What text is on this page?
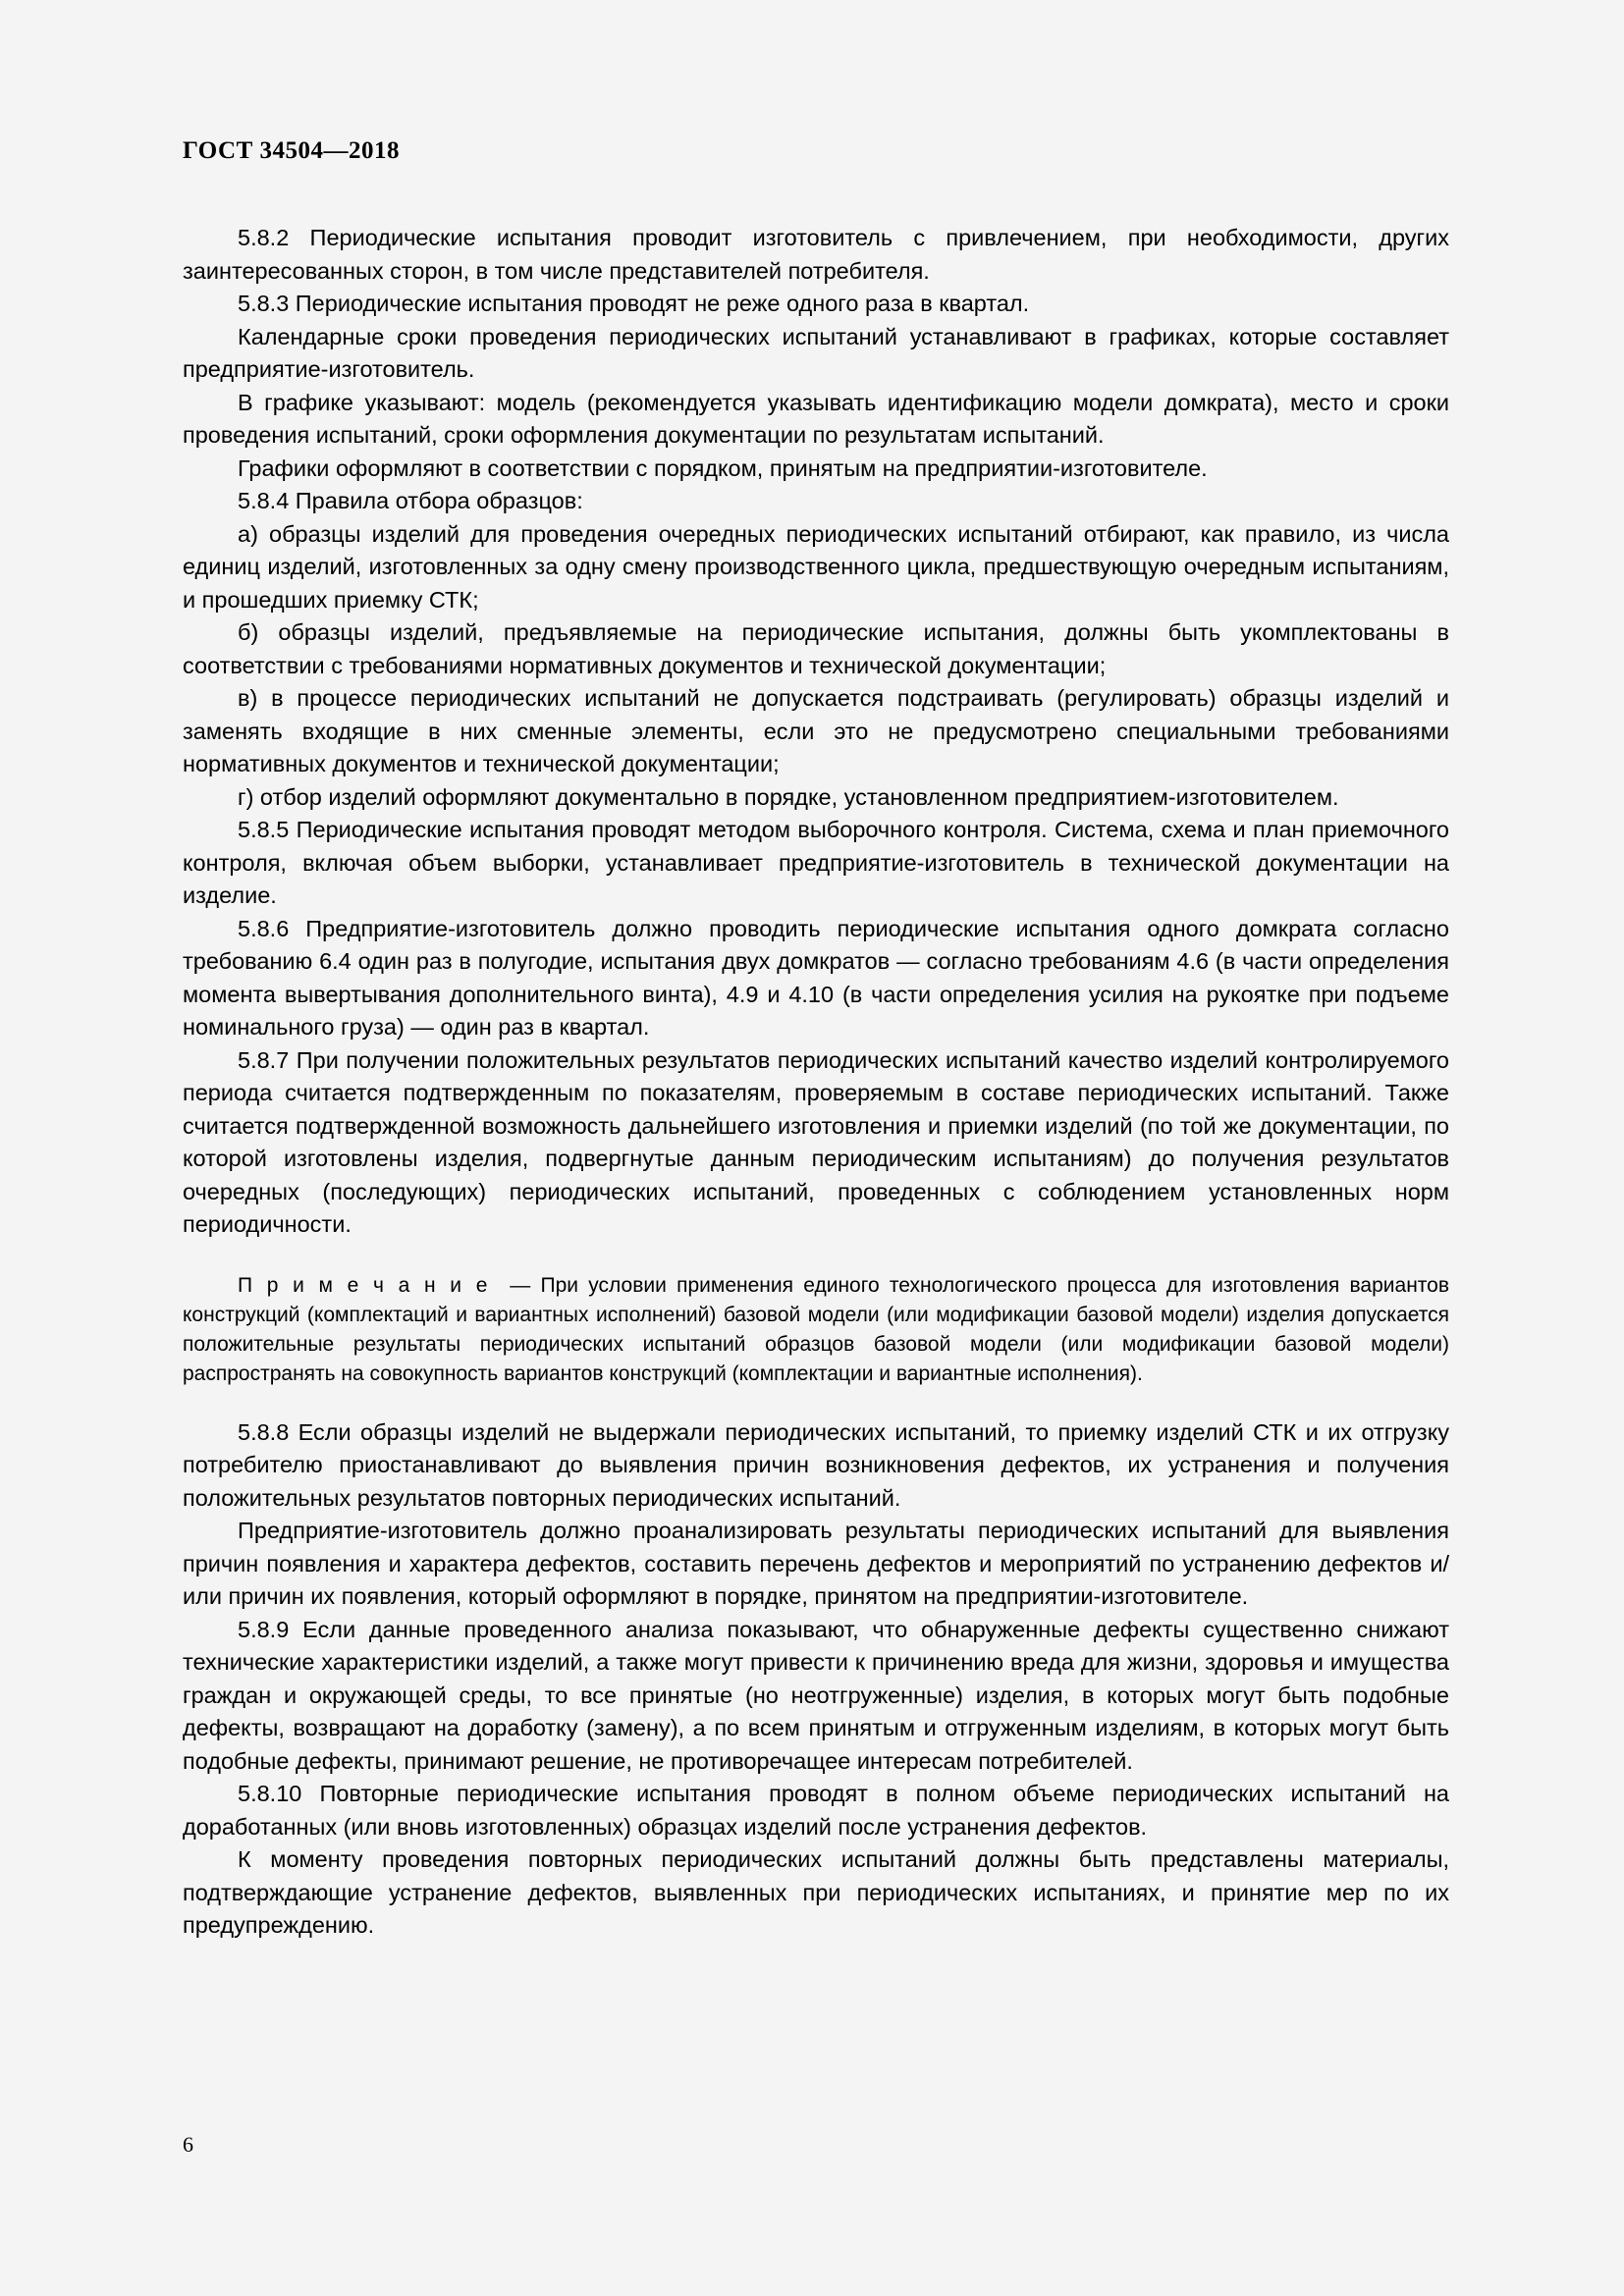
ГОСТ 34504—2018

5.8.2 Периодические испытания проводит изготовитель с привлечением, при необходимости, других заинтересованных сторон, в том числе представителей потребителя.

5.8.3 Периодические испытания проводят не реже одного раза в квартал.

Календарные сроки проведения периодических испытаний устанавливают в графиках, которые составляет предприятие-изготовитель.

В графике указывают: модель (рекомендуется указывать идентификацию модели домкрата), место и сроки проведения испытаний, сроки оформления документации по результатам испытаний.

Графики оформляют в соответствии с порядком, принятым на предприятии-изготовителе.

5.8.4 Правила отбора образцов:

а) образцы изделий для проведения очередных периодических испытаний отбирают, как правило, из числа единиц изделий, изготовленных за одну смену производственного цикла, предшествующую очередным испытаниям, и прошедших приемку СТК;

б) образцы изделий, предъявляемые на периодические испытания, должны быть укомплектованы в соответствии с требованиями нормативных документов и технической документации;

в) в процессе периодических испытаний не допускается подстраивать (регулировать) образцы изделий и заменять входящие в них сменные элементы, если это не предусмотрено специальными требованиями нормативных документов и технической документации;

г) отбор изделий оформляют документально в порядке, установленном предприятием-изготовителем.

5.8.5 Периодические испытания проводят методом выборочного контроля. Система, схема и план приемочного контроля, включая объем выборки, устанавливает предприятие-изготовитель в технической документации на изделие.

5.8.6 Предприятие-изготовитель должно проводить периодические испытания одного домкрата согласно требованию 6.4 один раз в полугодие, испытания двух домкратов — согласно требованиям 4.6 (в части определения момента вывертывания дополнительного винта), 4.9 и 4.10 (в части определения усилия на рукоятке при подъеме номинального груза) — один раз в квартал.

5.8.7 При получении положительных результатов периодических испытаний качество изделий контролируемого периода считается подтвержденным по показателям, проверяемым в составе периодических испытаний. Также считается подтвержденной возможность дальнейшего изготовления и приемки изделий (по той же документации, по которой изготовлены изделия, подвергнутые данным периодическим испытаниям) до получения результатов очередных (последующих) периодических испытаний, проведенных с соблюдением установленных норм периодичности.

П р и м е ч а н и е — При условии применения единого технологического процесса для изготовления вариантов конструкций (комплектаций и вариантных исполнений) базовой модели (или модификации базовой модели) изделия допускается положительные результаты периодических испытаний образцов базовой модели (или модификации базовой модели) распространять на совокупность вариантов конструкций (комплектации и вариантные исполнения).

5.8.8 Если образцы изделий не выдержали периодических испытаний, то приемку изделий СТК и их отгрузку потребителю приостанавливают до выявления причин возникновения дефектов, их устранения и получения положительных результатов повторных периодических испытаний.

Предприятие-изготовитель должно проанализировать результаты периодических испытаний для выявления причин появления и характера дефектов, составить перечень дефектов и мероприятий по устранению дефектов и/или причин их появления, который оформляют в порядке, принятом на предприятии-изготовителе.

5.8.9 Если данные проведенного анализа показывают, что обнаруженные дефекты существенно снижают технические характеристики изделий, а также могут привести к причинению вреда для жизни, здоровья и имущества граждан и окружающей среды, то все принятые (но неотгруженные) изделия, в которых могут быть подобные дефекты, возвращают на доработку (замену), а по всем принятым и отгруженным изделиям, в которых могут быть подобные дефекты, принимают решение, не противоречащее интересам потребителей.

5.8.10 Повторные периодические испытания проводят в полном объеме периодических испытаний на доработанных (или вновь изготовленных) образцах изделий после устранения дефектов.

К моменту проведения повторных периодических испытаний должны быть представлены материалы, подтверждающие устранение дефектов, выявленных при периодических испытаниях, и принятие мер по их предупреждению.

6
